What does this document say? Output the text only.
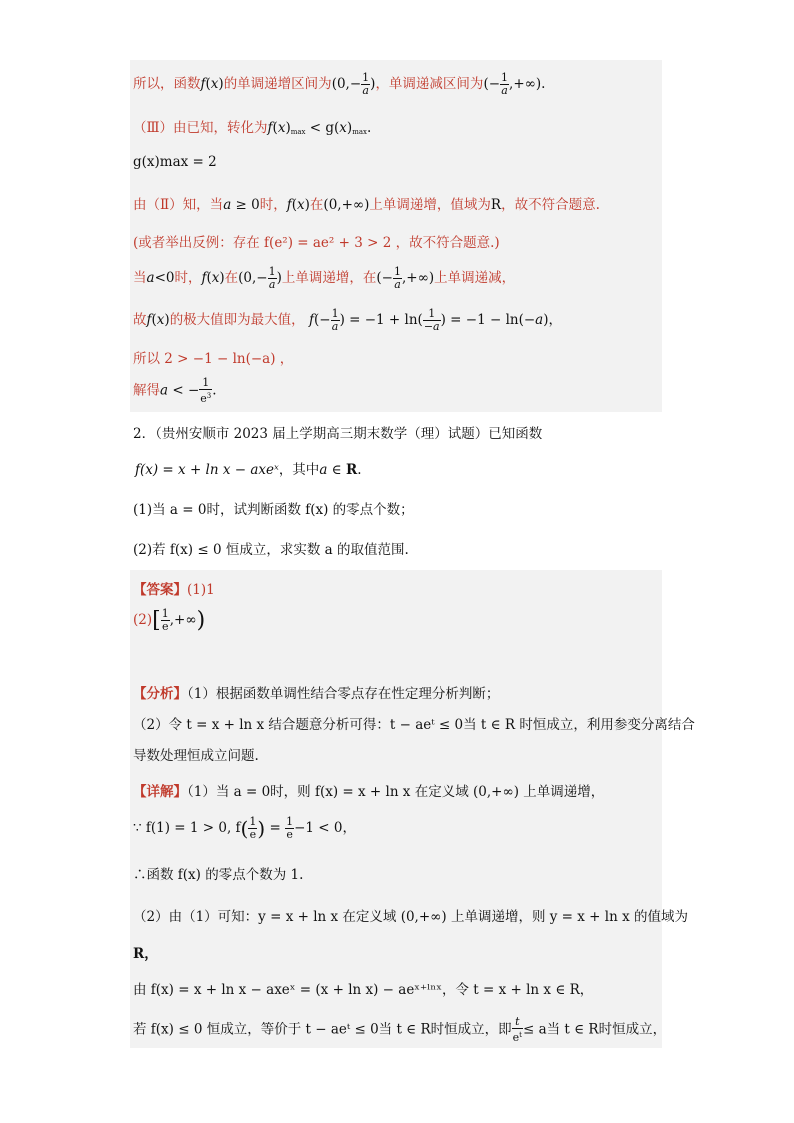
所以，函数f(x)的单调递增区间为($0,- \frac{1}{a}$ )，单调递减区间为(− $\frac{1}{a}$ ,+∞).
（Ⅲ）由已知，转化为$f(x)_{max} < g(x)_{max}$.
g(x)max = 2
由（Ⅱ）知，当a ≥ 0时，f(x)在(0,+∞)上单调递增，值域为R，故不符合题意.
(或者举出反例：存在 f(e²) = ae² + 3 > 2 ，故不符合题意.)
当a<0时，f(x)在($0,- \frac{1}{a}$ )上单调递增，在(− $\frac{1}{a}$ ,+∞)上单调递减，
故f(x)的极大值即为最大值， $f(- \frac{1}{a}$ ) = $-1 + \ln( \frac{1}{-a}$ ) = −1 − ln(−a)，
所以 2 > −1 − ln(−a) ，
解得a < − $\frac{1}{e^3}$ .
2．（贵州安顺市 2023 届上学期高三期末数学（理）试题）已知函数
f(x) = x + ln x − axeˣ，其中a ∈ R.
(1)当 a = 0时，试判断函数 f(x) 的零点个数；
(2)若 f(x) ≤ 0 恒成立，求实数 a 的取值范围.
【答案】(1)1
$(2)[ \frac{1}{e}$ ,+∞)
【分析】（1）根据函数单调性结合零点存在性定理分析判断；
（2）令 t = x + ln x 结合题意分析可得：t − aeᵗ ≤ 0当 t ∈ R 时恒成立，利用参变分离结合
导数处理恒成立问题.
【详解】（1）当 a = 0时，则 f(x) = x + ln x 在定义域 (0,+∞) 上单调递增，
∵ f(1) = 1 > 0, $f( \frac{1}{e}$ ) = $\frac{1}{e} -1 < 0$，
∴函数 f(x) 的零点个数为 1.
（2）由（1）可知：y = x + ln x 在定义域 (0,+∞) 上单调递增，则 y = x + ln x 的值域为
R，
由 f(x) = x + ln x − axeˣ = (x + ln x) − aeˣ⁺ˡⁿˣ，令 t = x + ln x ∈ R，
若 f(x) ≤ 0 恒成立，等价于 t − aeᵗ ≤ 0当 t ∈ R时恒成立，即 $\frac{t}{e^t} \le a$当 t ∈ R时恒成立，
